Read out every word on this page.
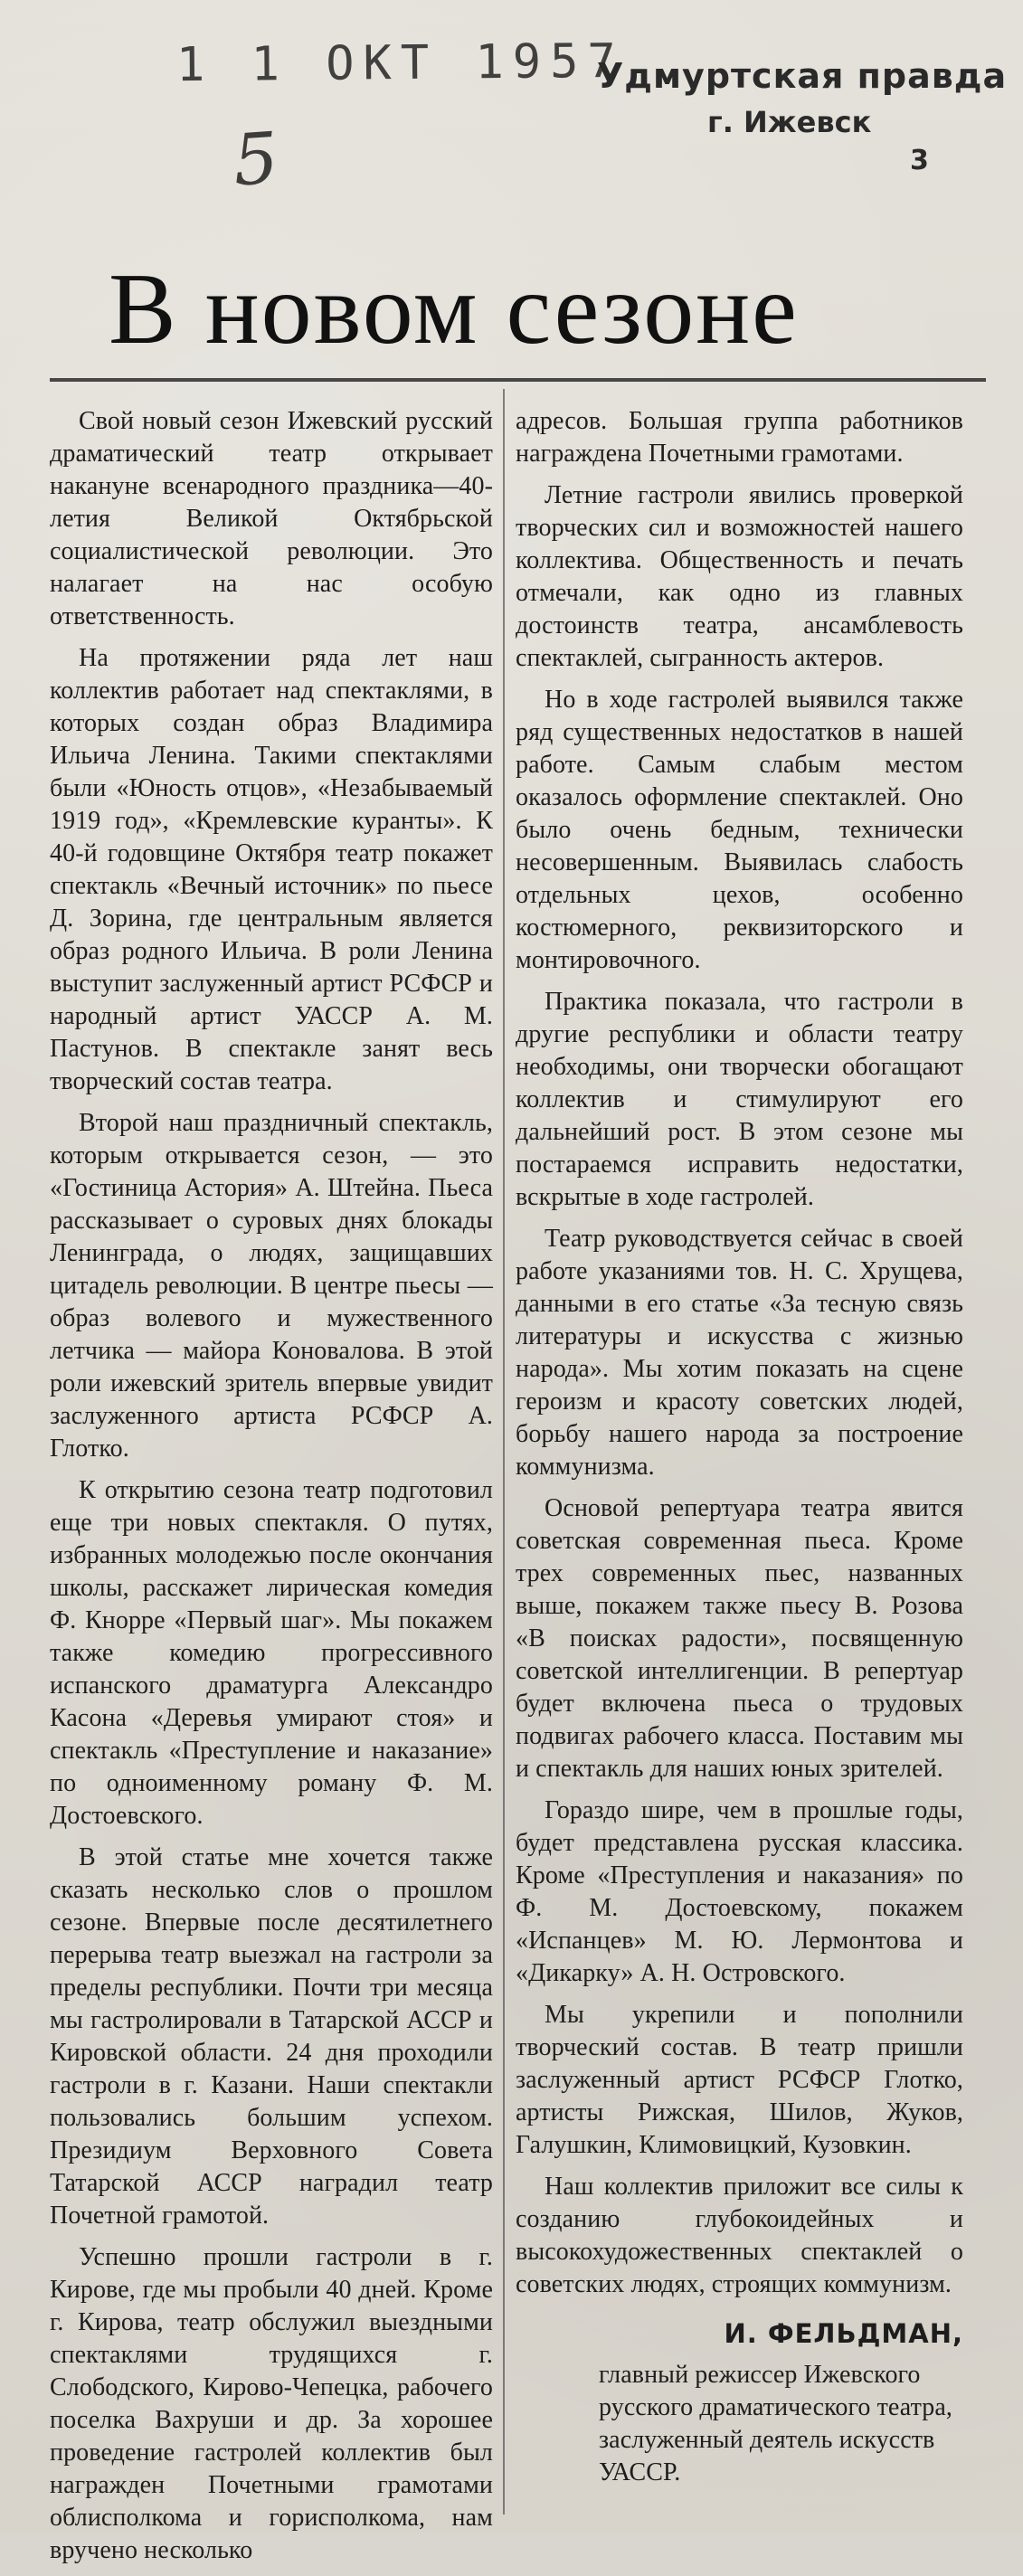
1 1 ОКТ 1957
5
Удмуртская правда
г. Ижевск
3
В новом сезоне

Свой новый сезон Ижевский русский драматический театр открывает накануне всенародного праздника—40-летия Великой Октябрьской социалистической революции. Это налагает на нас особую ответственность.

На протяжении ряда лет наш коллектив работает над спектаклями, в которых создан образ Владимира Ильича Ленина. Такими спектаклями были «Юность отцов», «Незабываемый 1919 год», «Кремлевские куранты». К 40-й годовщине Октября театр покажет спектакль «Вечный источник» по пьесе Д. Зорина, где центральным является образ родного Ильича. В роли Ленина выступит заслуженный артист РСФСР и народный артист УАССР А. М. Пастунов. В спектакле занят весь творческий состав театра.

Второй наш праздничный спектакль, которым открывается сезон, — это «Гостиница Астория» А. Штейна. Пьеса рассказывает о суровых днях блокады Ленинграда, о людях, защищавших цитадель революции. В центре пьесы — образ волевого и мужественного летчика — майора Коновалова. В этой роли ижевский зритель впервые увидит заслуженного артиста РСФСР А. Глотко.

К открытию сезона театр подготовил еще три новых спектакля. О путях, избранных молодежью после окончания школы, расскажет лирическая комедия Ф. Кнорре «Первый шаг». Мы покажем также комедию прогрессивного испанского драматурга Александро Касона «Деревья умирают стоя» и спектакль «Преступление и наказание» по одноименному роману Ф. М. Достоевского.

В этой статье мне хочется также сказать несколько слов о прошлом сезоне. Впервые после десятилетнего перерыва театр выезжал на гастроли за пределы республики. Почти три месяца мы гастролировали в Татарской АССР и Кировской области. 24 дня проходили гастроли в г. Казани. Наши спектакли пользовались большим успехом. Президиум Верховного Совета Татарской АССР наградил театр Почетной грамотой.

Успешно прошли гастроли в г. Кирове, где мы пробыли 40 дней. Кроме г. Кирова, театр обслужил выездными спектаклями трудящихся г. Слободского, Кирово-Чепецка, рабочего поселка Вахруши и др. За хорошее проведение гастролей коллектив был награжден Почетными грамотами облисполкома и горисполкома, нам вручено несколько

адресов. Большая группа работников награждена Почетными грамотами.

Летние гастроли явились проверкой творческих сил и возможностей нашего коллектива. Общественность и печать отмечали, как одно из главных достоинств театра, ансамблевость спектаклей, сыгранность актеров.

Но в ходе гастролей выявился также ряд существенных недостатков в нашей работе. Самым слабым местом оказалось оформление спектаклей. Оно было очень бедным, технически несовершенным. Выявилась слабость отдельных цехов, особенно костюмерного, реквизиторского и монтировочного.

Практика показала, что гастроли в другие республики и области театру необходимы, они творчески обогащают коллектив и стимулируют его дальнейший рост. В этом сезоне мы постараемся исправить недостатки, вскрытые в ходе гастролей.

Театр руководствуется сейчас в своей работе указаниями тов. Н. С. Хрущева, данными в его статье «За тесную связь литературы и искусства с жизнью народа». Мы хотим показать на сцене героизм и красоту советских людей, борьбу нашего народа за построение коммунизма.

Основой репертуара театра явится советская современная пьеса. Кроме трех современных пьес, названных выше, покажем также пьесу В. Розова «В поисках радости», посвященную советской интеллигенции. В репертуар будет включена пьеса о трудовых подвигах рабочего класса. Поставим мы и спектакль для наших юных зрителей.

Гораздо шире, чем в прошлые годы, будет представлена русская классика. Кроме «Преступления и наказания» по Ф. М. Достоевскому, покажем «Испанцев» М. Ю. Лермонтова и «Дикарку» А. Н. Островского.

Мы укрепили и пополнили творческий состав. В театр пришли заслуженный артист РСФСР Глотко, артисты Рижская, Шилов, Жуков, Галушкин, Климовицкий, Кузовкин.

Наш коллектив приложит все силы к созданию глубокоидейных и высокохудожественных спектаклей о советских людях, строящих коммунизм.

И. ФЕЛЬДМАН,

главный режиссер Ижевского русского драматического театра, заслуженный деятель искусств УАССР.
